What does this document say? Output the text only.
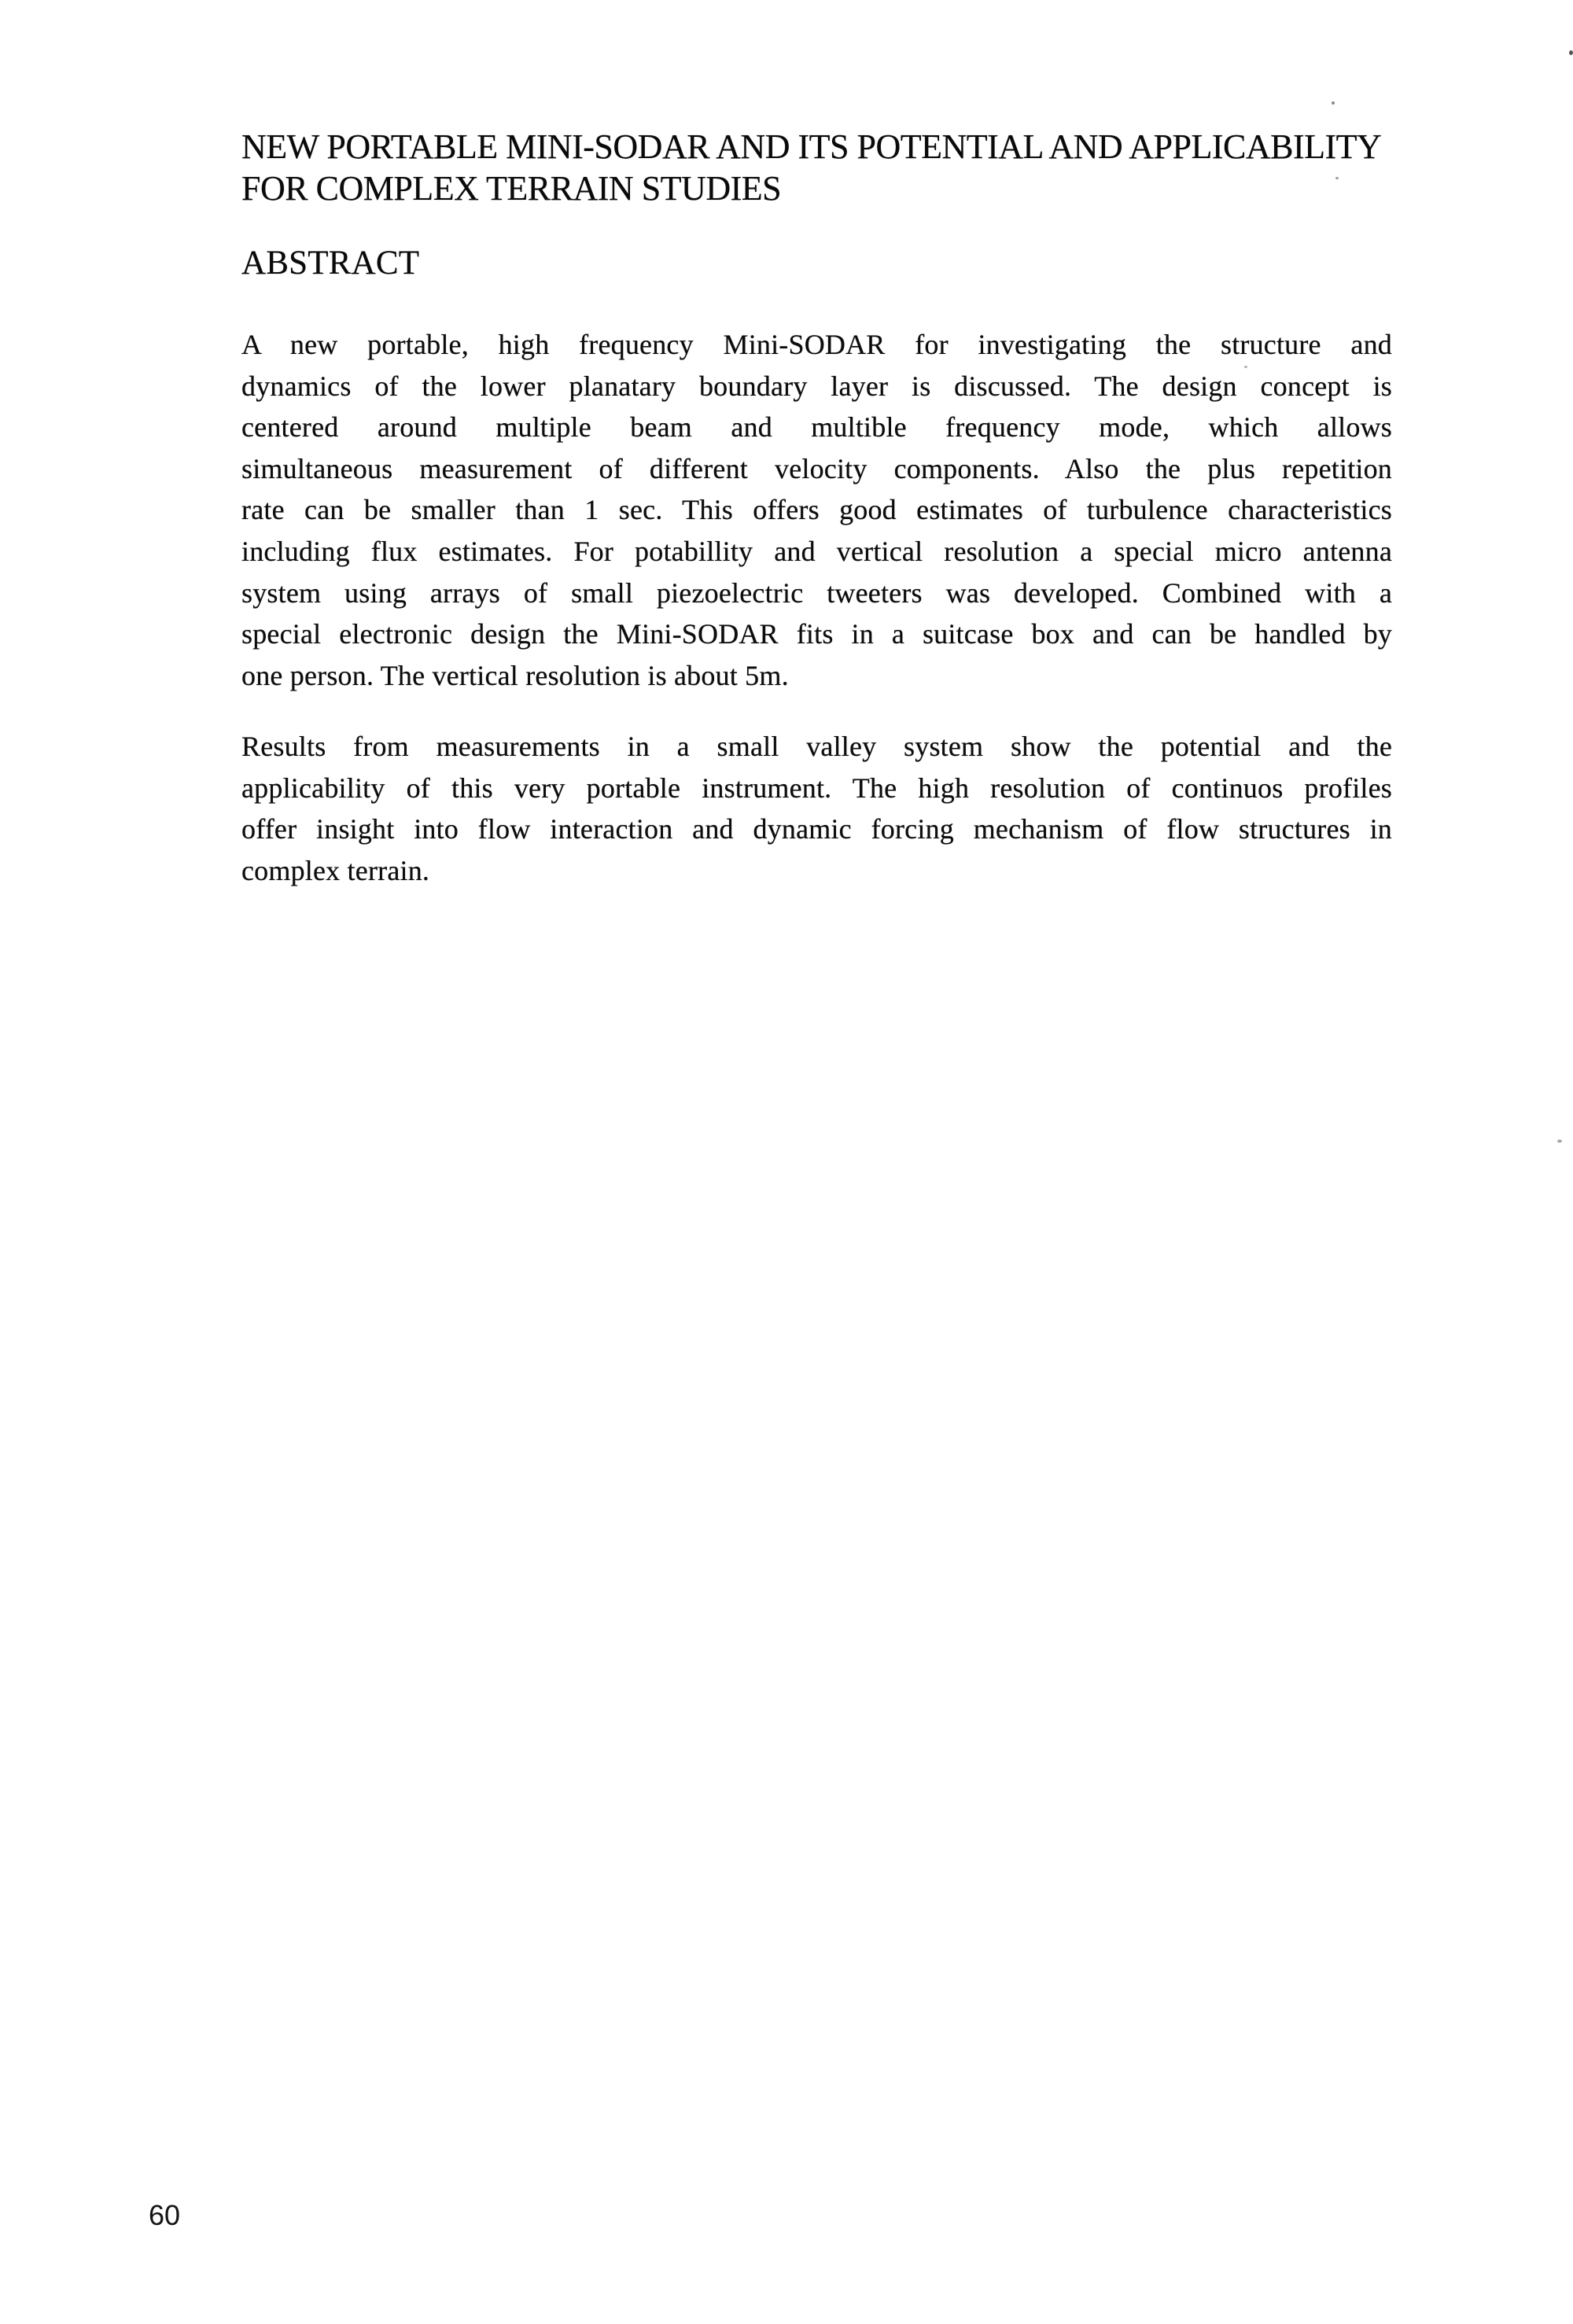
NEW PORTABLE MINI-SODAR AND ITS POTENTIAL AND APPLICABILITY
FOR COMPLEX TERRAIN STUDIES
ABSTRACT
A new portable, high frequency Mini-SODAR for investigating the structure and
dynamics of the lower planatary boundary layer is discussed. The design concept is
centered around multiple beam and multible frequency mode, which allows
simultaneous measurement of different velocity components. Also the plus repetition
rate can be smaller than 1 sec. This offers good estimates of turbulence characteristics
including flux estimates. For potabillity and vertical resolution a special micro antenna
system using arrays of small piezoelectric tweeters was developed. Combined with a
special electronic design the Mini-SODAR fits in a suitcase box and can be handled by
one person. The vertical resolution is about 5m.
Results from measurements in a small valley system show the potential and the
applicability of this very portable instrument. The high resolution of continuos profiles
offer insight into flow interaction and dynamic forcing mechanism of flow structures in
complex terrain.
60
